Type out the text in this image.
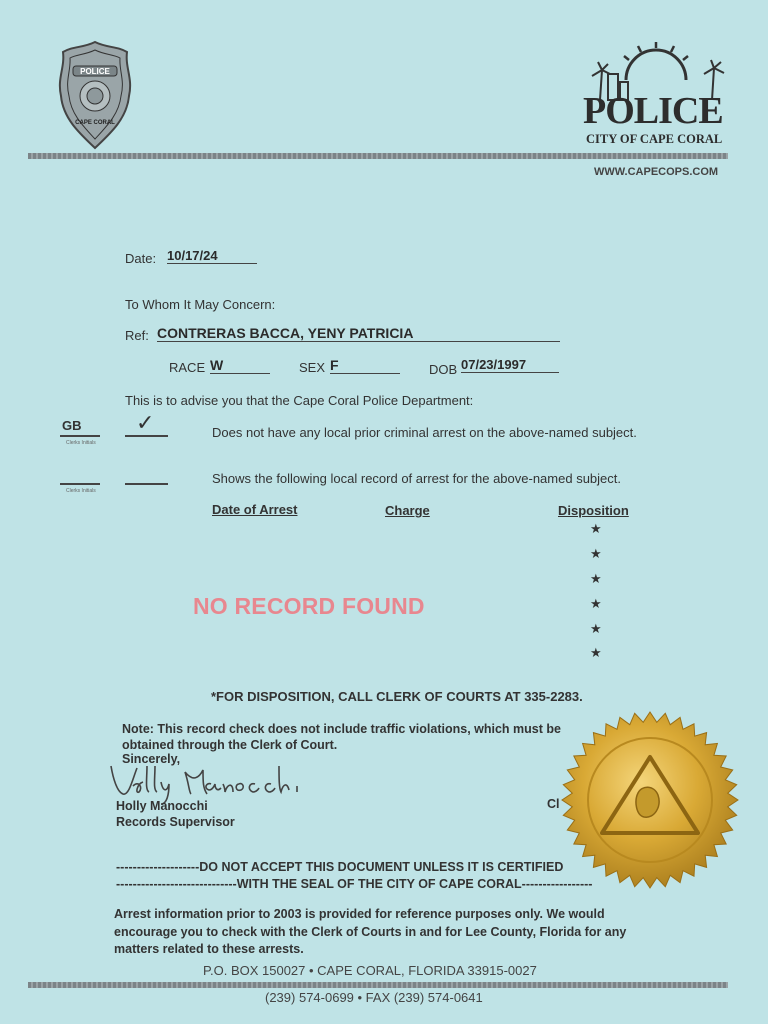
POLICE
CAPE CORAL	POLICE
CITY OF CAPE CORAL
WWW.CAPECOPS.COM
Date: 10/17/24
To Whom It May Concern:
Ref: CONTRERAS BACCA, YENY PATRICIA
RACE W	SEX F	DOB 07/23/1997
This is to advise you that the Cape Coral Police Department:
GB
Clerks Initials
✓	Does not have any local prior criminal arrest on the above-named subject.
Clerks Initials
Shows the following local record of arrest for the above-named subject.
Date of Arrest	Charge	Disposition
★
★
★
★
★
★
NO RECORD FOUND
*FOR DISPOSITION, CALL CLERK OF COURTS AT 335-2283.
Note: This record check does not include traffic violations, which must be
obtained through the Clerk of Court.
Sincerely,
Holly Manocchi
Records Supervisor
Cl
--------------------DO NOT ACCEPT THIS DOCUMENT UNLESS IT IS CERTIFIED
-----------------------------WITH THE SEAL OF THE CITY OF CAPE CORAL-----------------
Arrest information prior to 2003 is provided for reference purposes only. We would
encourage you to check with the Clerk of Courts in and for Lee County, Florida for any
matters related to these arrests.
P.O. BOX 150027 • CAPE CORAL, FLORIDA 33915-0027
(239) 574-0699 • FAX (239) 574-0641
